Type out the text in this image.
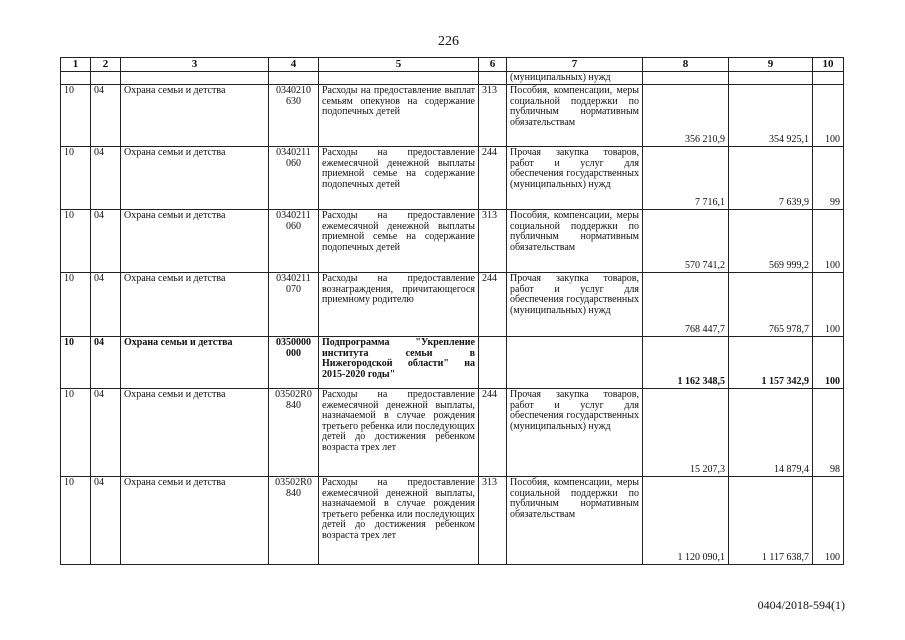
226
1	2	3	4	5	6	7	8	9	10
						(муниципальных) нужд			
10	04	Охрана семьи и детства	0340210 630	Расходы на предоставление выплат семьям опекунов на содержание подопечных детей	313	Пособия, компенсации, меры социальной поддержки по публичным нормативным обязательствам	356 210,9	354 925,1	100
10	04	Охрана семьи и детства	0340211 060	Расходы на предоставление ежемесячной денежной выплаты приемной семье на содержание подопечных детей	244	Прочая закупка товаров, работ и услуг для обеспечения государственных (муниципальных) нужд	7 716,1	7 639,9	99
10	04	Охрана семьи и детства	0340211 060	Расходы на предоставление ежемесячной денежной выплаты приемной семье на содержание подопечных детей	313	Пособия, компенсации, меры социальной поддержки по публичным нормативным обязательствам	570 741,2	569 999,2	100
10	04	Охрана семьи и детства	0340211 070	Расходы на предоставление вознаграждения, причитающегося приемному родителю	244	Прочая закупка товаров, работ и услуг для обеспечения государственных (муниципальных) нужд	768 447,7	765 978,7	100
10	04	Охрана семьи и детства	0350000 000	Подпрограмма "Укрепление института семьи в Нижегородской области" на 2015-2020 годы"			1 162 348,5	1 157 342,9	100
10	04	Охрана семьи и детства	03502R0 840	Расходы на предоставление ежемесячной денежной выплаты, назначаемой в случае рождения третьего ребенка или последующих детей до достижения ребенком возраста трех лет	244	Прочая закупка товаров, работ и услуг для обеспечения государственных (муниципальных) нужд	15 207,3	14 879,4	98
10	04	Охрана семьи и детства	03502R0 840	Расходы на предоставление ежемесячной денежной выплаты, назначаемой в случае рождения третьего ребенка или последующих детей до достижения ребенком возраста трех лет	313	Пособия, компенсации, меры социальной поддержки по публичным нормативным обязательствам	1 120 090,1	1 117 638,7	100
0404/2018-594(1)
